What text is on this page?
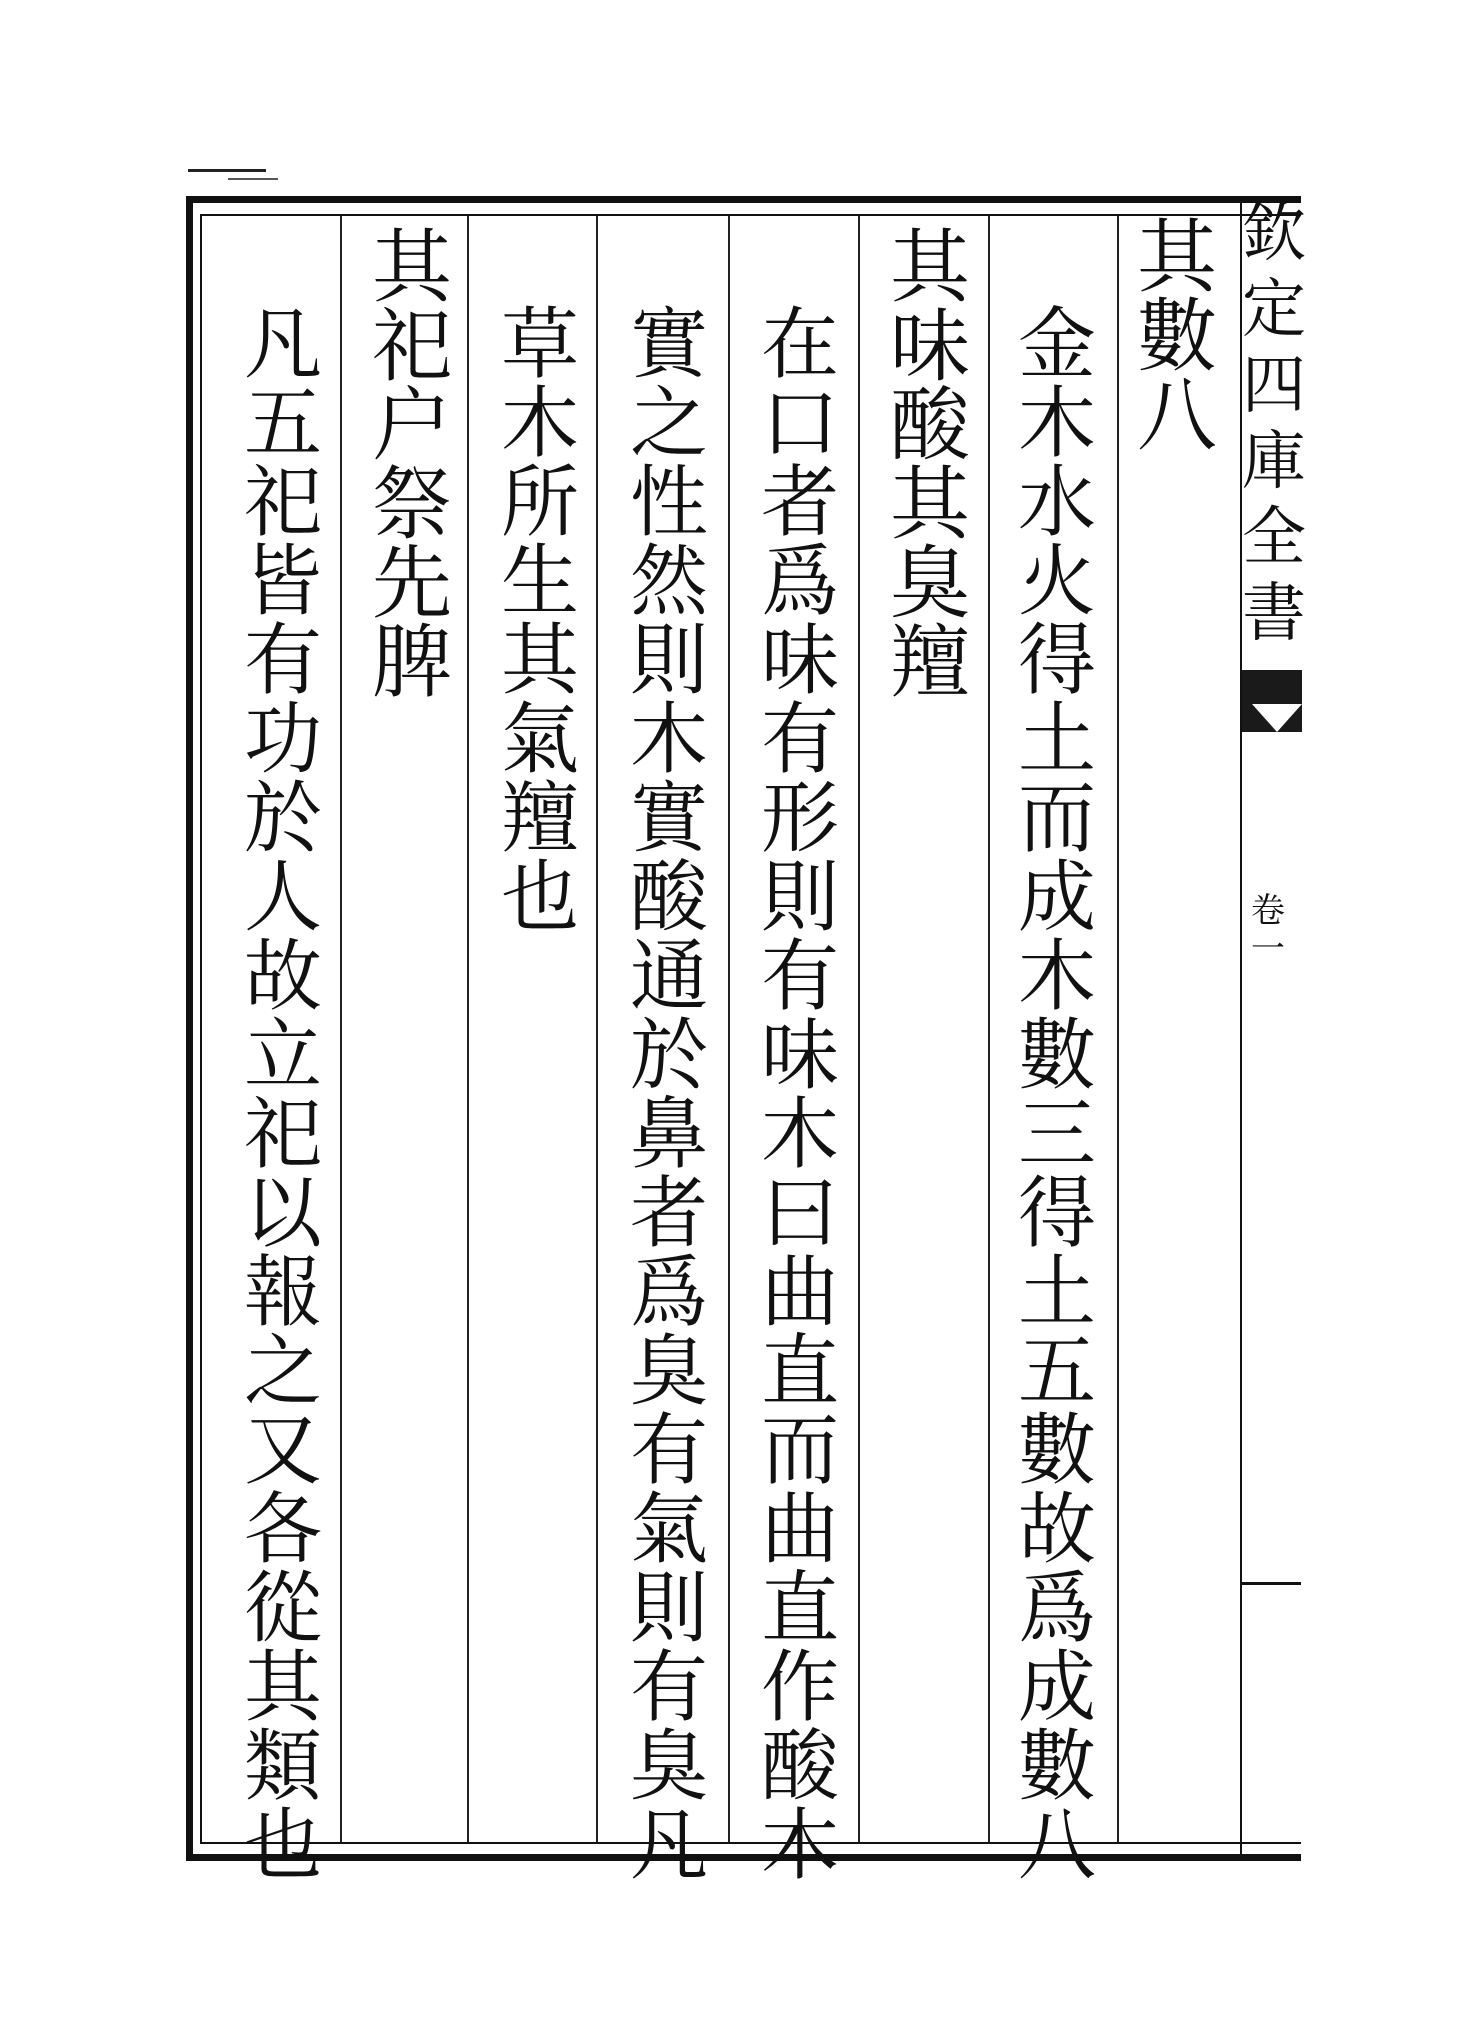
其
數
八
金
木
水
火
得
土
而
成
木
數
三
得
土
五
數
故
爲
成
數
八
其
味
酸
其
臭
羶
在
口
者
爲
味
有
形
則
有
味
木
曰
曲
直
而
曲
直
作
酸
木
實
之
性
然
則
木
實
酸
通
於
鼻
者
爲
臭
有
氣
則
有
臭
凡
草
木
所
生
其
氣
羶
也
其
祀
户
祭
先
脾
凡
五
祀
皆
有
功
於
人
故
立
祀
以
報
之
又
各
從
其
類
也
欽
定
四
庫
全
書
卷
一
